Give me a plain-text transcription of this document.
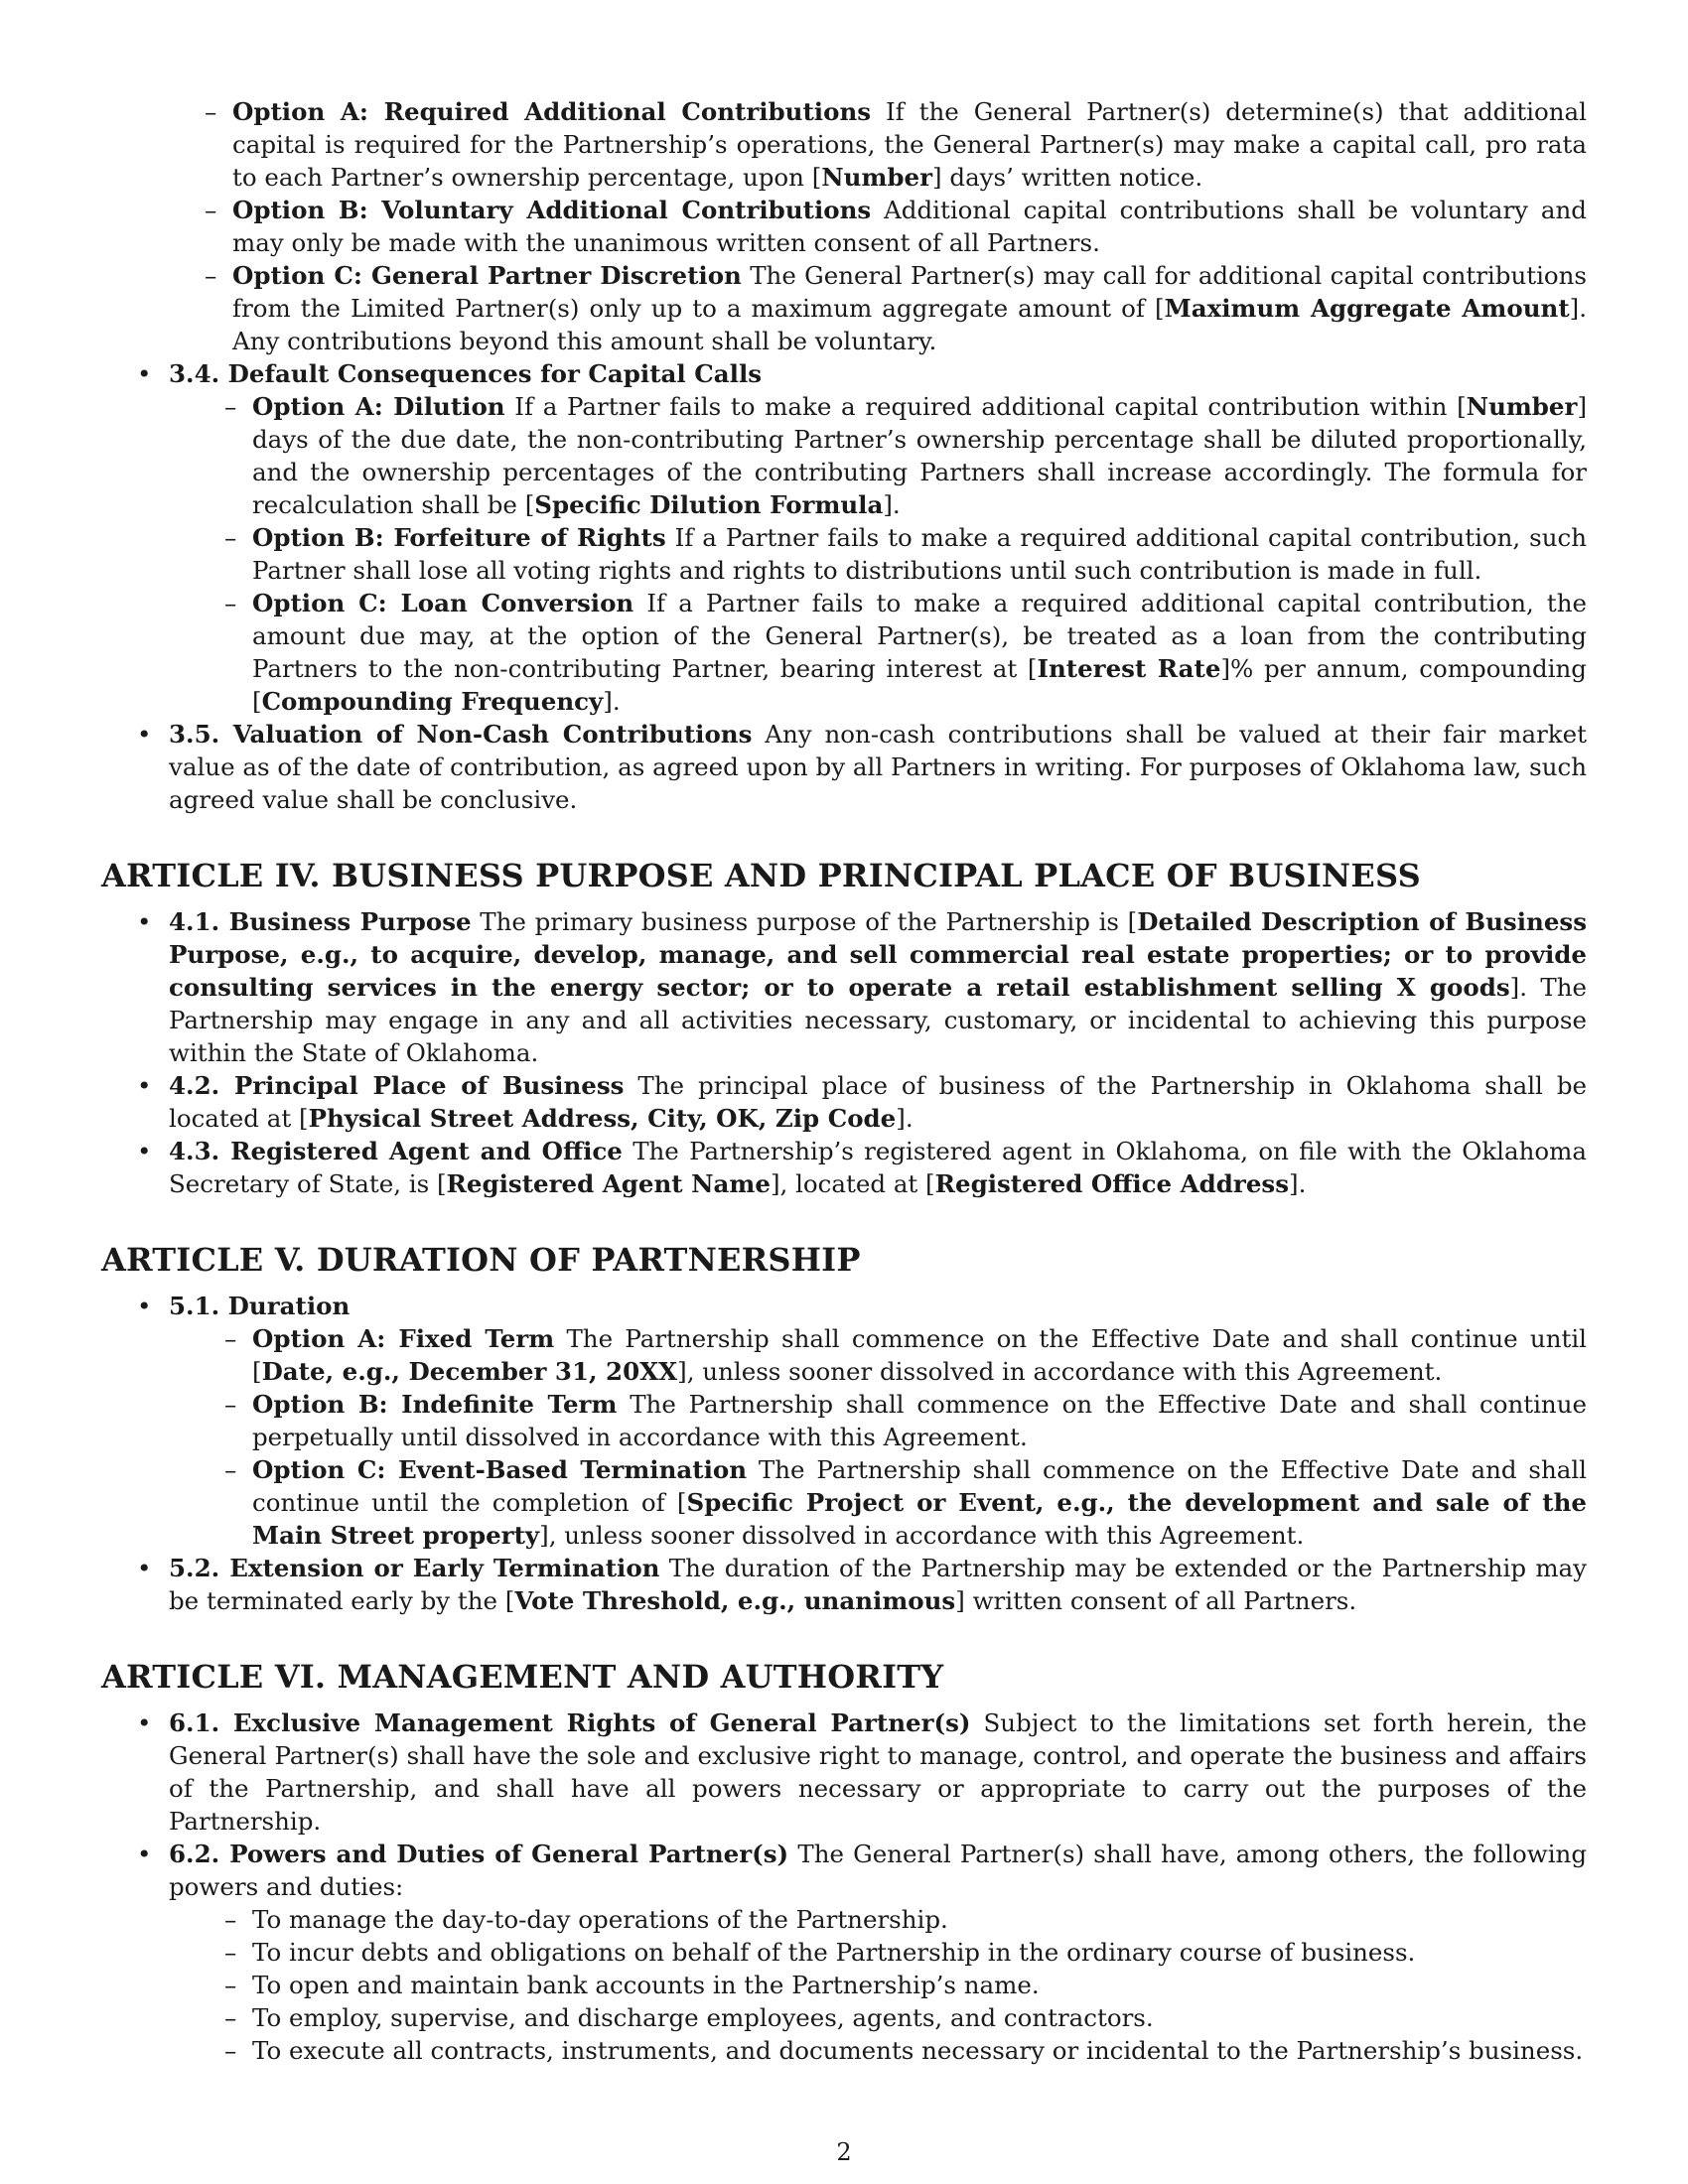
– Option A: Required Additional Contributions If the General Partner(s) determine(s) that additional capital is required for the Partnership’s operations, the General Partner(s) may make a capital call, pro rata to each Partner’s ownership percentage, upon [Number] days’ written notice.
– Option B: Voluntary Additional Contributions Additional capital contributions shall be voluntary and may only be made with the unanimous written consent of all Partners.
– Option C: General Partner Discretion The General Partner(s) may call for additional capital contributions from the Limited Partner(s) only up to a maximum aggregate amount of [Maximum Aggregate Amount]. Any contributions beyond this amount shall be voluntary.
• 3.4. Default Consequences for Capital Calls
– Option A: Dilution If a Partner fails to make a required additional capital contribution within [Number] days of the due date, the non-contributing Partner’s ownership percentage shall be diluted proportionally, and the ownership percentages of the contributing Partners shall increase accordingly. The formula for recalculation shall be [Specific Dilution Formula].
– Option B: Forfeiture of Rights If a Partner fails to make a required additional capital contribution, such Partner shall lose all voting rights and rights to distributions until such contribution is made in full.
– Option C: Loan Conversion If a Partner fails to make a required additional capital contribution, the amount due may, at the option of the General Partner(s), be treated as a loan from the contributing Partners to the non-contributing Partner, bearing interest at [Interest Rate]% per annum, compounding [Compounding Frequency].
• 3.5. Valuation of Non-Cash Contributions Any non-cash contributions shall be valued at their fair market value as of the date of contribution, as agreed upon by all Partners in writing. For purposes of Oklahoma law, such agreed value shall be conclusive.
ARTICLE IV. BUSINESS PURPOSE AND PRINCIPAL PLACE OF BUSINESS
• 4.1. Business Purpose The primary business purpose of the Partnership is [Detailed Description of Business Purpose, e.g., to acquire, develop, manage, and sell commercial real estate properties; or to provide consulting services in the energy sector; or to operate a retail establishment selling X goods]. The Partnership may engage in any and all activities necessary, customary, or incidental to achieving this purpose within the State of Oklahoma.
• 4.2. Principal Place of Business The principal place of business of the Partnership in Oklahoma shall be located at [Physical Street Address, City, OK, Zip Code].
• 4.3. Registered Agent and Office The Partnership’s registered agent in Oklahoma, on file with the Oklahoma Secretary of State, is [Registered Agent Name], located at [Registered Office Address].
ARTICLE V. DURATION OF PARTNERSHIP
• 5.1. Duration
– Option A: Fixed Term The Partnership shall commence on the Effective Date and shall continue until [Date, e.g., December 31, 20XX], unless sooner dissolved in accordance with this Agreement.
– Option B: Indefinite Term The Partnership shall commence on the Effective Date and shall continue perpetually until dissolved in accordance with this Agreement.
– Option C: Event-Based Termination The Partnership shall commence on the Effective Date and shall continue until the completion of [Specific Project or Event, e.g., the development and sale of the Main Street property], unless sooner dissolved in accordance with this Agreement.
• 5.2. Extension or Early Termination The duration of the Partnership may be extended or the Partnership may be terminated early by the [Vote Threshold, e.g., unanimous] written consent of all Partners.
ARTICLE VI. MANAGEMENT AND AUTHORITY
• 6.1. Exclusive Management Rights of General Partner(s) Subject to the limitations set forth herein, the General Partner(s) shall have the sole and exclusive right to manage, control, and operate the business and affairs of the Partnership, and shall have all powers necessary or appropriate to carry out the purposes of the Partnership.
• 6.2. Powers and Duties of General Partner(s) The General Partner(s) shall have, among others, the following powers and duties:
– To manage the day-to-day operations of the Partnership.
– To incur debts and obligations on behalf of the Partnership in the ordinary course of business.
– To open and maintain bank accounts in the Partnership’s name.
– To employ, supervise, and discharge employees, agents, and contractors.
– To execute all contracts, instruments, and documents necessary or incidental to the Partnership’s business.
2
